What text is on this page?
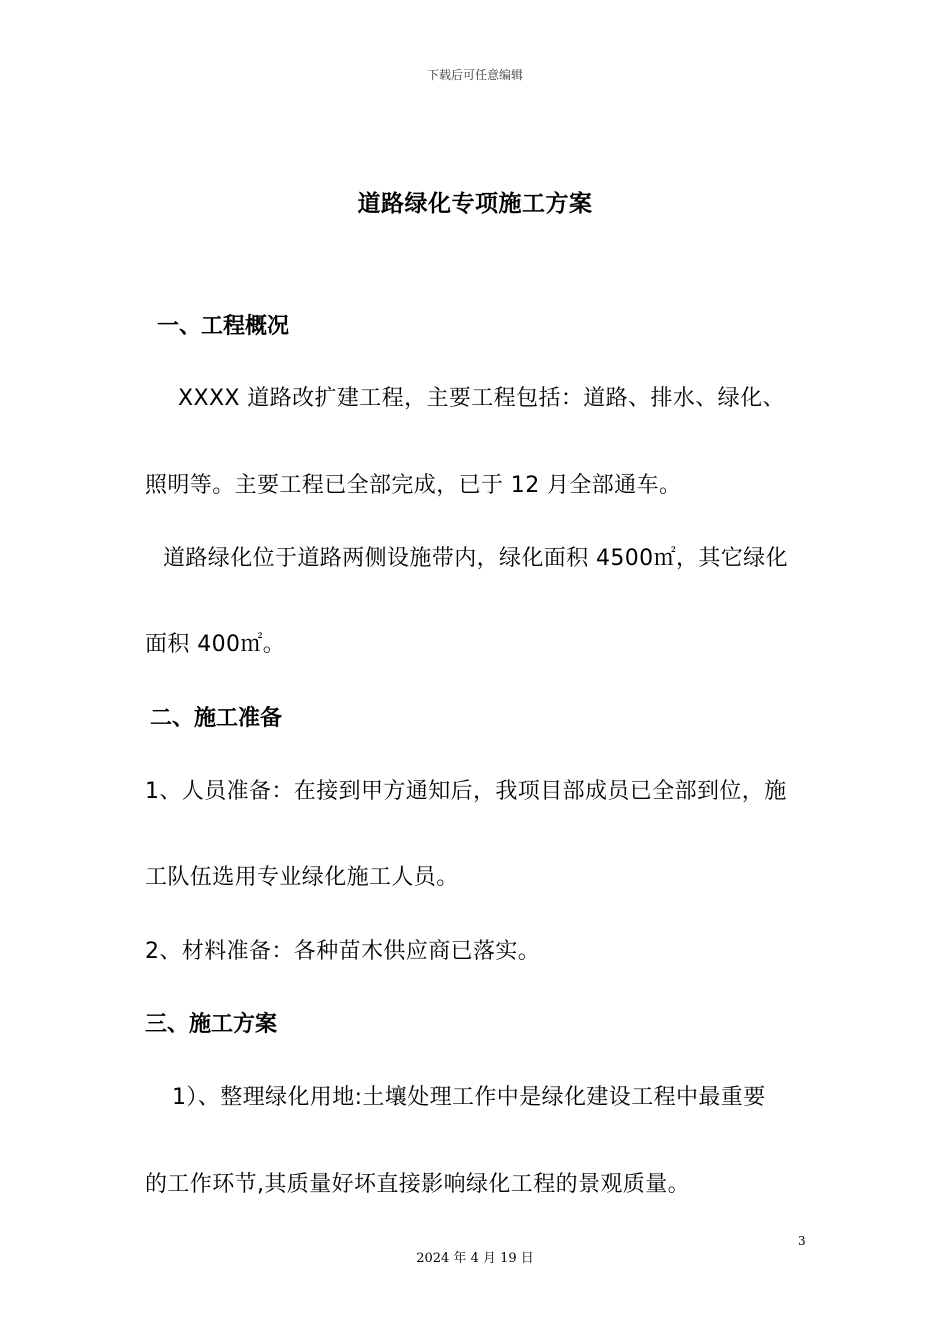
下载后可任意编辑
道路绿化专项施工方案
一、工程概况
XXXX 道路改扩建工程，主要工程包括：道路、排水、绿化、
照明等。主要工程已全部完成，已于 12 月全部通车。
道路绿化位于道路两侧设施带内，绿化面积 4500㎡，其它绿化
面积 400㎡。
二、施工准备
1、人员准备：在接到甲方通知后，我项目部成员已全部到位，施
工队伍选用专业绿化施工人员。
2、材料准备：各种苗木供应商已落实。
三、施工方案
1）、整理绿化用地:土壤处理工作中是绿化建设工程中最重要
的工作环节,其质量好坏直接影响绿化工程的景观质量。
3
2024 年 4 月 19 日
